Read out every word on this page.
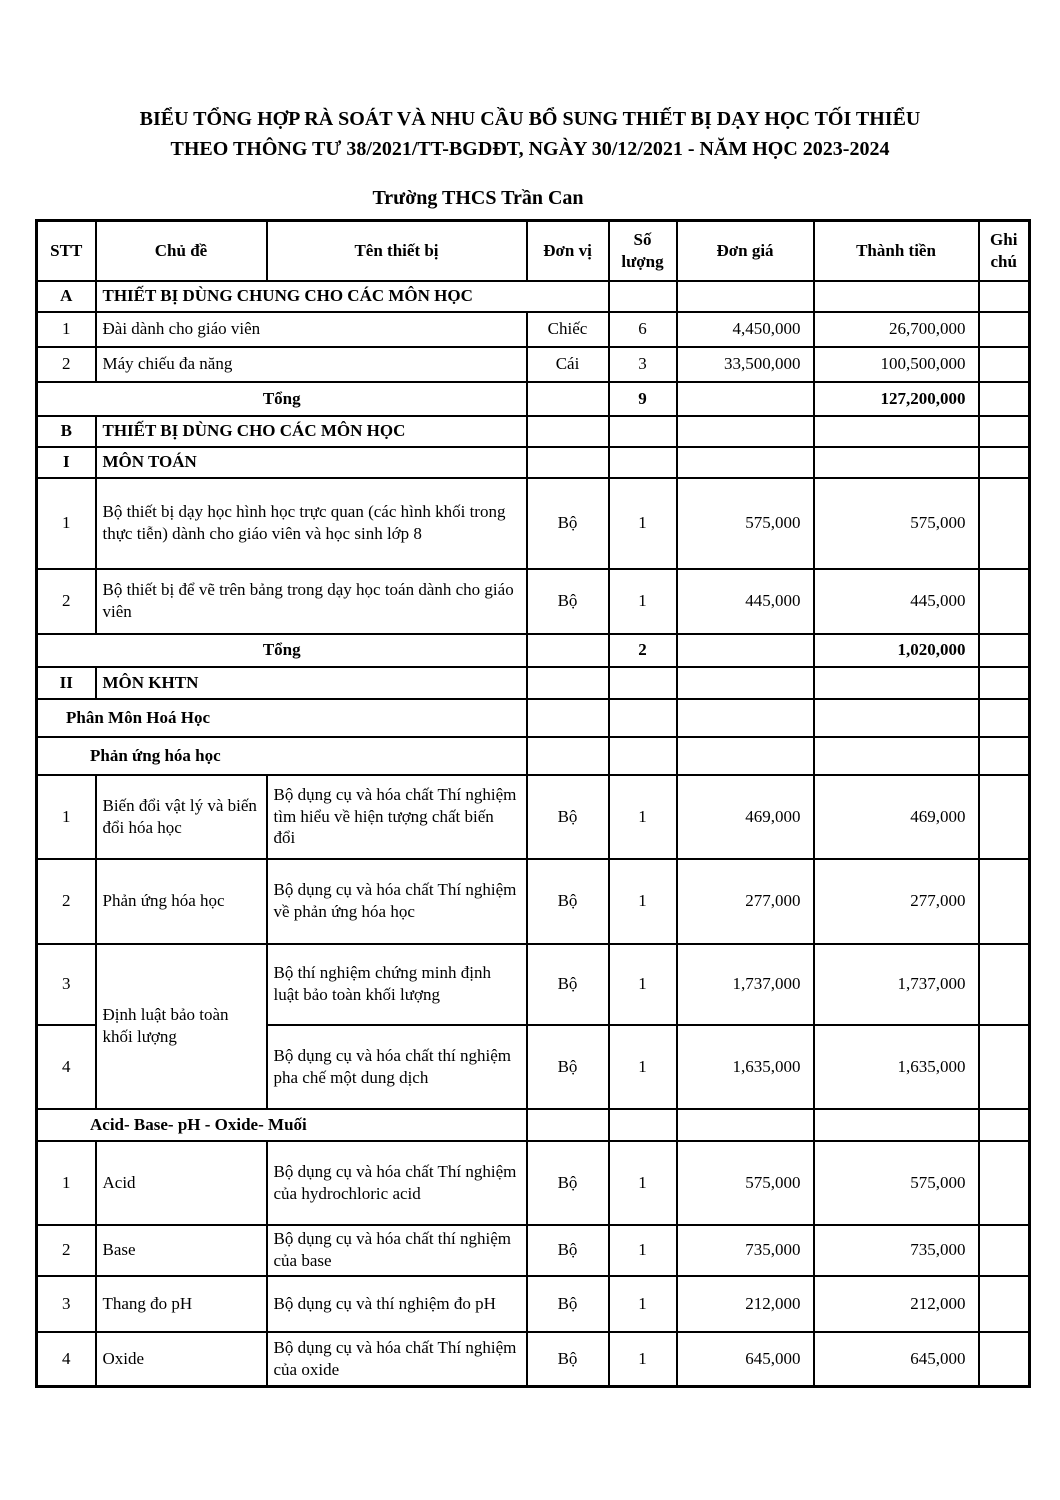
BIỂU TỔNG HỢP RÀ SOÁT VÀ NHU CẦU BỔ SUNG THIẾT BỊ DẠY HỌC TỐI THIỂU
THEO THÔNG TƯ 38/2021/TT-BGDĐT, NGÀY 30/12/2021 - NĂM HỌC 2023-2024
Trường THCS Trần Can
STT	Chủ đề	Tên thiết bị	Đơn vị	Số lượng	Đơn giá	Thành tiền	Ghi chú
A	THIẾT BỊ DÙNG CHUNG CHO CÁC MÔN HỌC						
1	Đài dành cho giáo viên		Chiếc	6	4,450,000	26,700,000	
2	Máy chiếu đa năng		Cái	3	33,500,000	100,500,000	
Tổng				9		127,200,000	
B	THIẾT BỊ DÙNG CHO CÁC MÔN HỌC						
I	MÔN TOÁN						
1	Bộ thiết bị dạy học hình học trực quan (các hình khối trong thực tiễn) dành cho giáo viên và học sinh lớp 8		Bộ	1	575,000	575,000	
2	Bộ thiết bị để vẽ trên bảng trong dạy học toán dành cho giáo viên		Bộ	1	445,000	445,000	
Tổng				2		1,020,000	
II	MÔN KHTN						
Phân Môn Hoá Học							
Phản ứng hóa học							
1	Biến đổi vật lý và biến đổi hóa học	Bộ dụng cụ và hóa chất Thí nghiệm tìm hiểu về hiện tượng chất biến đổi	Bộ	1	469,000	469,000	
2	Phản ứng hóa học	Bộ dụng cụ và hóa chất Thí nghiệm về phản ứng hóa học	Bộ	1	277,000	277,000	
3	Định luật bảo toàn khối lượng	Bộ thí nghiệm chứng minh định luật bảo toàn khối lượng	Bộ	1	1,737,000	1,737,000	
4		Bộ dụng cụ và hóa chất thí nghiệm pha chế một dung dịch	Bộ	1	1,635,000	1,635,000	
Acid- Base- pH - Oxide- Muối							
1	Acid	Bộ dụng cụ và hóa chất Thí nghiệm của hydrochloric acid	Bộ	1	575,000	575,000	
2	Base	Bộ dụng cụ và hóa chất thí nghiệm của base	Bộ	1	735,000	735,000	
3	Thang đo pH	Bộ dụng cụ và thí nghiệm đo pH	Bộ	1	212,000	212,000	
4	Oxide	Bộ dụng cụ và hóa chất Thí nghiệm của oxide	Bộ	1	645,000	645,000	
